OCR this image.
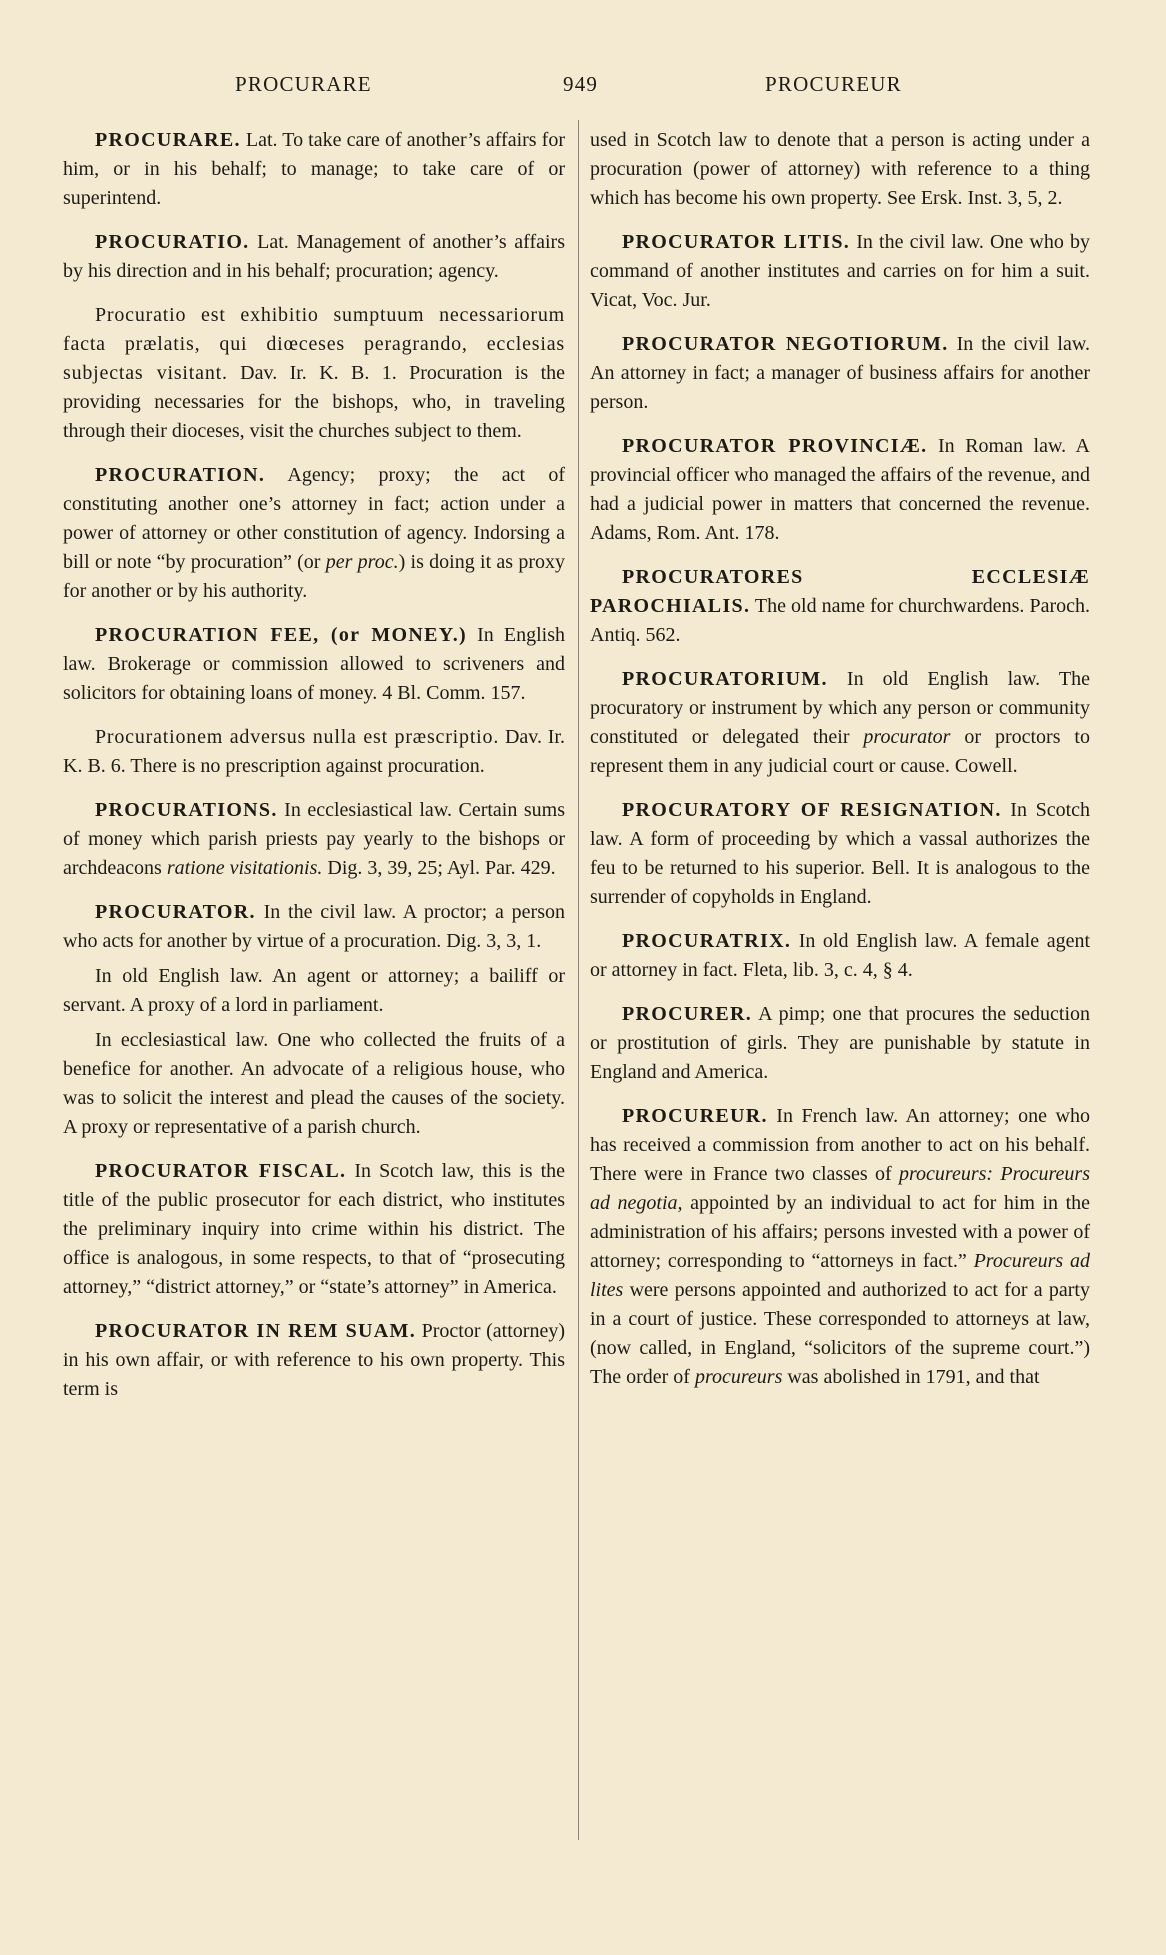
PROCURARE	949	PROCUREUR

PROCURARE. Lat. To take care of another’s affairs for him, or in his behalf; to manage; to take care of or superintend.

PROCURATIO. Lat. Management of another’s affairs by his direction and in his behalf; procuration; agency.

Procuratio est exhibitio sumptuum necessariorum facta prælatis, qui diœceses peragrando, ecclesias subjectas visitant. Dav. Ir. K. B. 1. Procuration is the providing necessaries for the bishops, who, in traveling through their dioceses, visit the churches subject to them.

PROCURATION. Agency; proxy; the act of constituting another one’s attorney in fact; action under a power of attorney or other constitution of agency. Indorsing a bill or note “by procuration” (or per proc.) is doing it as proxy for another or by his authority.

PROCURATION FEE, (or MONEY.) In English law. Brokerage or commission allowed to scriveners and solicitors for obtaining loans of money. 4 Bl. Comm. 157.

Procurationem adversus nulla est præscriptio. Dav. Ir. K. B. 6. There is no prescription against procuration.

PROCURATIONS. In ecclesiastical law. Certain sums of money which parish priests pay yearly to the bishops or archdeacons ratione visitationis. Dig. 3, 39, 25; Ayl. Par. 429.

PROCURATOR. In the civil law. A proctor; a person who acts for another by virtue of a procuration. Dig. 3, 3, 1.

In old English law. An agent or attorney; a bailiff or servant. A proxy of a lord in parliament.

In ecclesiastical law. One who collected the fruits of a benefice for another. An advocate of a religious house, who was to solicit the interest and plead the causes of the society. A proxy or representative of a parish church.

PROCURATOR FISCAL. In Scotch law, this is the title of the public prosecutor for each district, who institutes the preliminary inquiry into crime within his district. The office is analogous, in some respects, to that of “prosecuting attorney,” “district attorney,” or “state’s attorney” in America.

PROCURATOR IN REM SUAM. Proctor (attorney) in his own affair, or with reference to his own property. This term is

used in Scotch law to denote that a person is acting under a procuration (power of attorney) with reference to a thing which has become his own property. See Ersk. Inst. 3, 5, 2.

PROCURATOR LITIS. In the civil law. One who by command of another institutes and carries on for him a suit. Vicat, Voc. Jur.

PROCURATOR NEGOTIORUM. In the civil law. An attorney in fact; a manager of business affairs for another person.

PROCURATOR PROVINCIÆ. In Roman law. A provincial officer who managed the affairs of the revenue, and had a judicial power in matters that concerned the revenue. Adams, Rom. Ant. 178.

PROCURATORES ECCLESIÆ PAROCHIALIS. The old name for churchwardens. Paroch. Antiq. 562.

PROCURATORIUM. In old English law. The procuratory or instrument by which any person or community constituted or delegated their procurator or proctors to represent them in any judicial court or cause. Cowell.

PROCURATORY OF RESIGNATION. In Scotch law. A form of proceeding by which a vassal authorizes the feu to be returned to his superior. Bell. It is analogous to the surrender of copyholds in England.

PROCURATRIX. In old English law. A female agent or attorney in fact. Fleta, lib. 3, c. 4, § 4.

PROCURER. A pimp; one that procures the seduction or prostitution of girls. They are punishable by statute in England and America.

PROCUREUR. In French law. An attorney; one who has received a commission from another to act on his behalf. There were in France two classes of procureurs: Procureurs ad negotia, appointed by an individual to act for him in the administration of his affairs; persons invested with a power of attorney; corresponding to “attorneys in fact.” Procureurs ad lites were persons appointed and authorized to act for a party in a court of justice. These corresponded to attorneys at law, (now called, in England, “solicitors of the supreme court.”) The order of procureurs was abolished in 1791, and that
